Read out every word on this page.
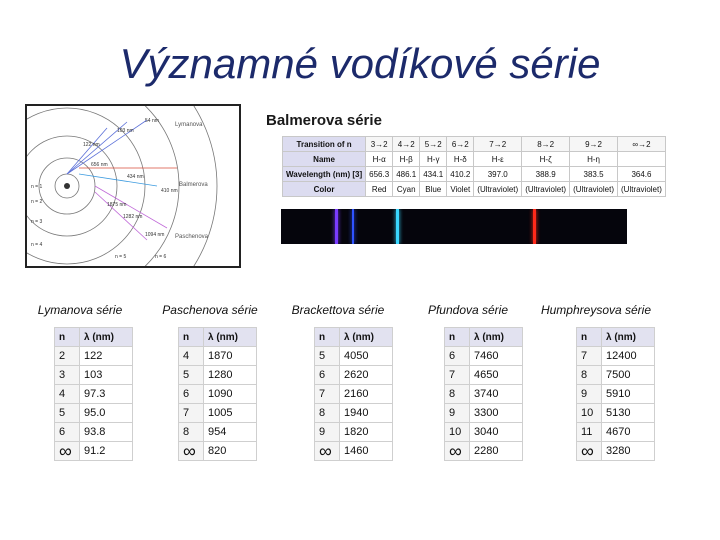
Významné vodíkové série
Lymanova
Balmerova
Paschenova
n = 1
n = 2
n = 3
n = 4
n = 5	n = 6
54 nm
103 nm
122 nm
434 nm
656 nm
410 nm
1875 nm
1282 nm
1094 nm
Balmerova série
Transition of n	3→2	4→2	5→2	6→2	7→2	8→2	9→2	∞→2
Name	H-α	H-β	H-γ	H-δ	H-ε	H-ζ	H-η	
Wavelength (nm) [3]	656.3	486.1	434.1	410.2	397.0	388.9	383.5	364.6
Color	Red	Cyan	Blue	Violet	(Ultraviolet)	(Ultraviolet)	(Ultraviolet)	(Ultraviolet)
Lymanova série	Paschenova série	Brackettova série	Pfundova série	Humphreysova série
n	λ (nm)
2	122
3	103
4	97.3
5	95.0
6	93.8
∞	91.2
n	λ (nm)
4	1870
5	1280
6	1090
7	1005
8	954
∞	820
n	λ (nm)
5	4050
6	2620
7	2160
8	1940
9	1820
∞	1460
n	λ (nm)
6	7460
7	4650
8	3740
9	3300
10	3040
∞	2280
n	λ (nm)
7	12400
8	7500
9	5910
10	5130
11	4670
∞	3280
